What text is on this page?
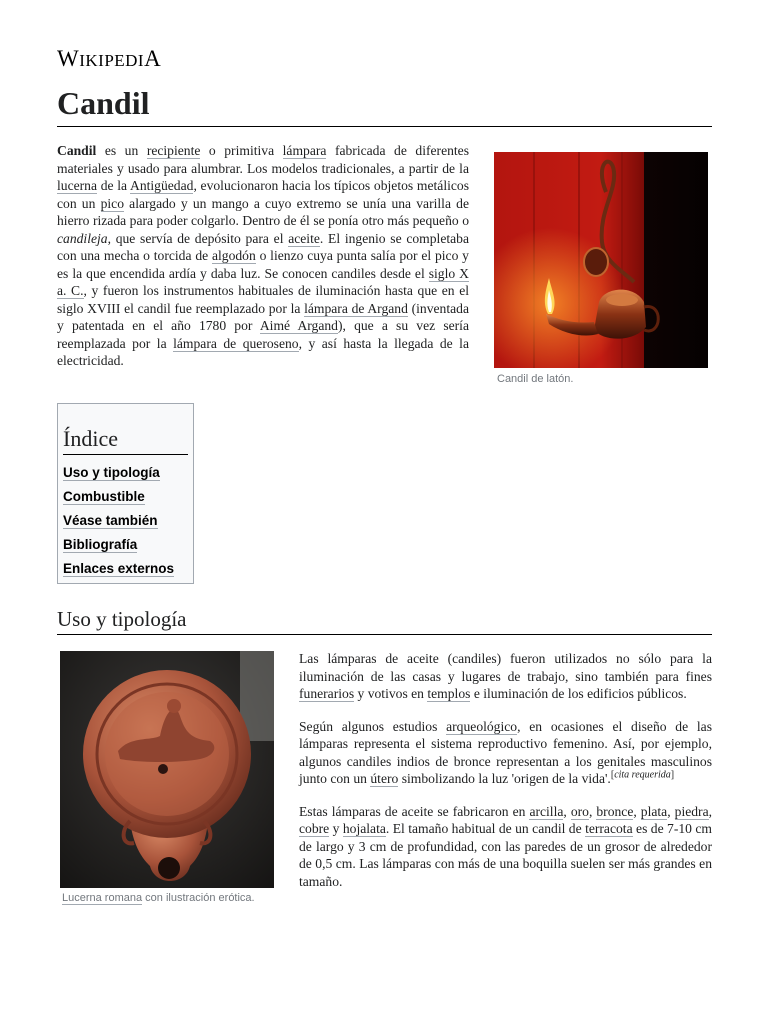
WIKIPEDIA
Candil

Candil es un recipiente o primitiva lámpara fabricada de diferentes materiales y usado para alumbrar. Los modelos tradicionales, a partir de la lucerna de la Antigüedad, evolucionaron hacia los típicos objetos metálicos con un pico alargado y un mango a cuyo extremo se unía una varilla de hierro rizada para poder colgarlo. Dentro de él se ponía otro más pequeño o candileja, que servía de depósito para el aceite. El ingenio se completaba con una mecha o torcida de algodón o lienzo cuya punta salía por el pico y es la que encendida ardía y daba luz. Se conocen candiles desde el siglo X a. C., y fueron los instrumentos habituales de iluminación hasta que en el siglo XVIII el candil fue reemplazado por la lámpara de Argand (inventada y patentada en el año 1780 por Aimé Argand), que a su vez sería reemplazada por la lámpara de queroseno, y así hasta la llegada de la electricidad.

Candil de latón.
Índice
Uso y tipología
Combustible
Véase también
Bibliografía
Enlaces externos
Uso y tipología
Lucerna romana con ilustración erótica.

Las lámparas de aceite (candiles) fueron utilizados no sólo para la iluminación de las casas y lugares de trabajo, sino también para fines funerarios y votivos en templos e iluminación de los edificios públicos.

Según algunos estudios arqueológico, en ocasiones el diseño de las lámparas representa el sistema reproductivo femenino. Así, por ejemplo, algunos candiles indios de bronce representan a los genitales masculinos junto con un útero simbolizando la luz 'origen de la vida'.[cita requerida]

Estas lámparas de aceite se fabricaron en arcilla, oro, bronce, plata, piedra, cobre y hojalata. El tamaño habitual de un candil de terracota es de 7-10 cm de largo y 3 cm de profundidad, con las paredes de un grosor de alrededor de 0,5 cm. Las lámparas con más de una boquilla suelen ser más grandes en tamaño.
